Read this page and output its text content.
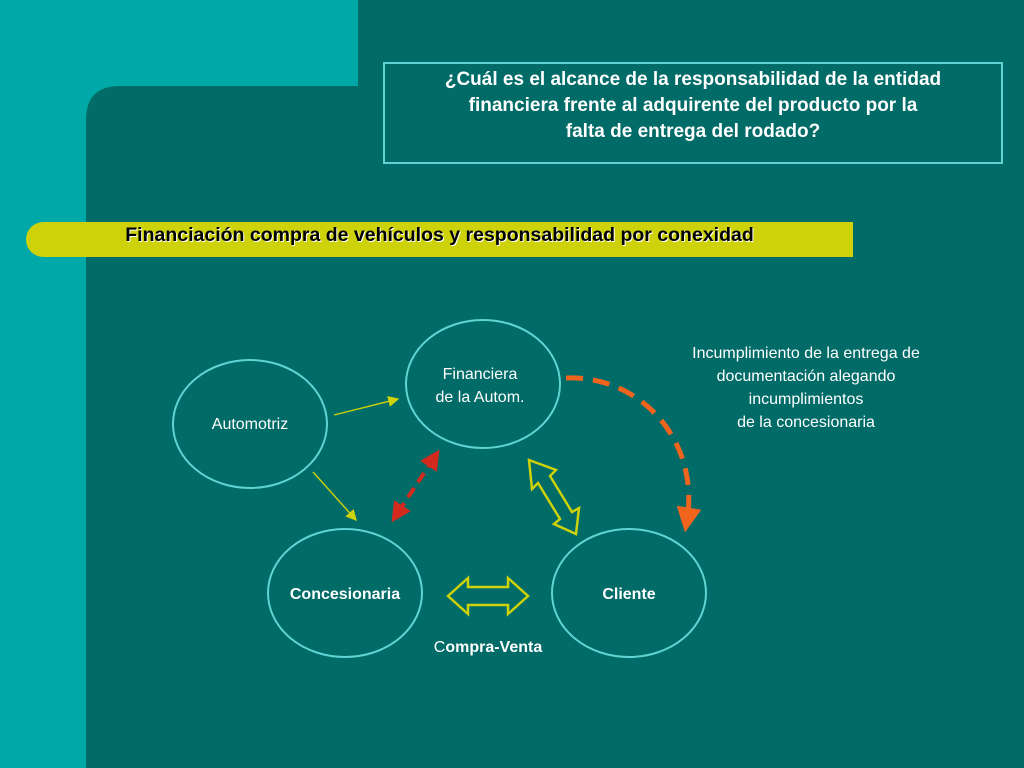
¿Cuál es el alcance de la responsabilidad de la entidad
financiera frente al adquirente del producto por la
falta de entrega del rodado?
Financiación compra de vehículos y responsabilidad por conexidad
Automotriz
Financiera
de la Autom.
Concesionaria	Cliente
Incumplimiento de la entrega de
documentación alegando
incumplimientos
de la concesionaria
Compra-Venta
